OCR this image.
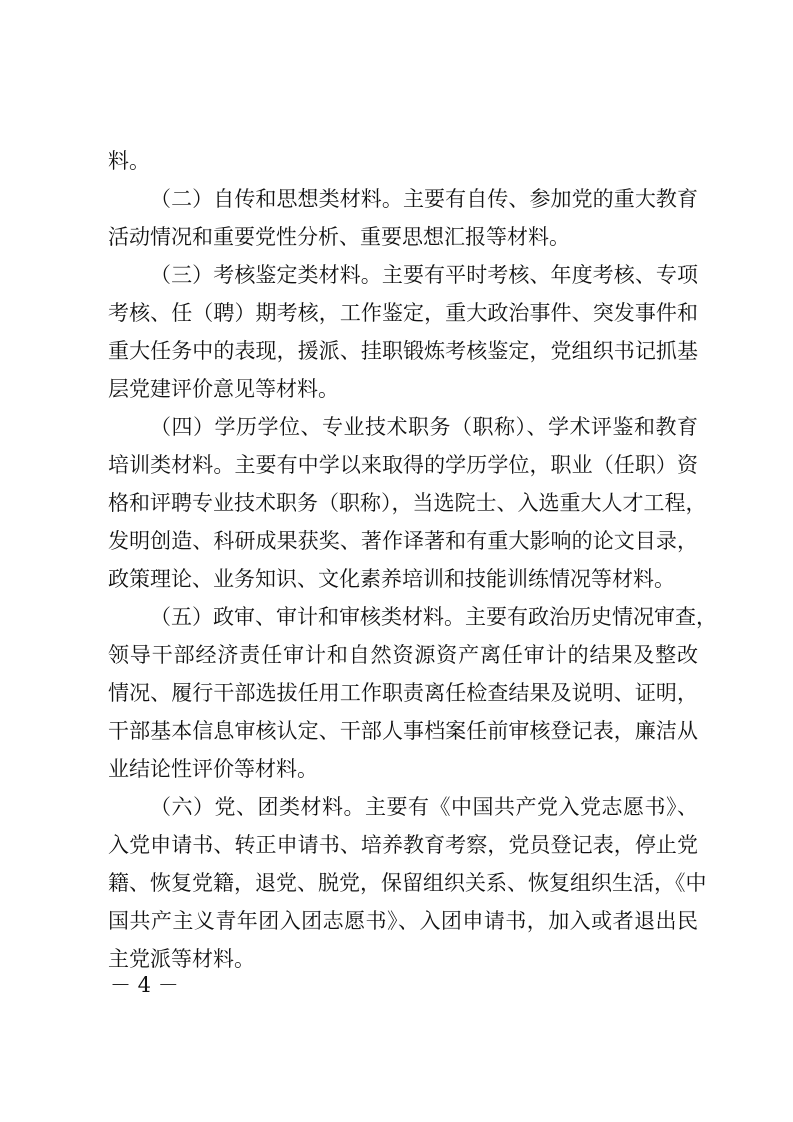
料。
（二）自传和思想类材料。主要有自传、参加党的重大教育
活动情况和重要党性分析、重要思想汇报等材料。
（三）考核鉴定类材料。主要有平时考核、年度考核、专项
考核、任（聘）期考核，工作鉴定，重大政治事件、突发事件和
重大任务中的表现，援派、挂职锻炼考核鉴定，党组织书记抓基
层党建评价意见等材料。
（四）学历学位、专业技术职务（职称）、学术评鉴和教育
培训类材料。主要有中学以来取得的学历学位，职业（任职）资
格和评聘专业技术职务（职称），当选院士、入选重大人才工程，
发明创造、科研成果获奖、著作译著和有重大影响的论文目录，
政策理论、业务知识、文化素养培训和技能训练情况等材料。
（五）政审、审计和审核类材料。主要有政治历史情况审查，
领导干部经济责任审计和自然资源资产离任审计的结果及整改
情况、履行干部选拔任用工作职责离任检查结果及说明、证明，
干部基本信息审核认定、干部人事档案任前审核登记表，廉洁从
业结论性评价等材料。
（六）党、团类材料。主要有《中国共产党入党志愿书》、
入党申请书、转正申请书、培养教育考察，党员登记表，停止党
籍、恢复党籍，退党、脱党，保留组织关系、恢复组织生活，《中
国共产主义青年团入团志愿书》、入团申请书，加入或者退出民
主党派等材料。
－ 4 －
